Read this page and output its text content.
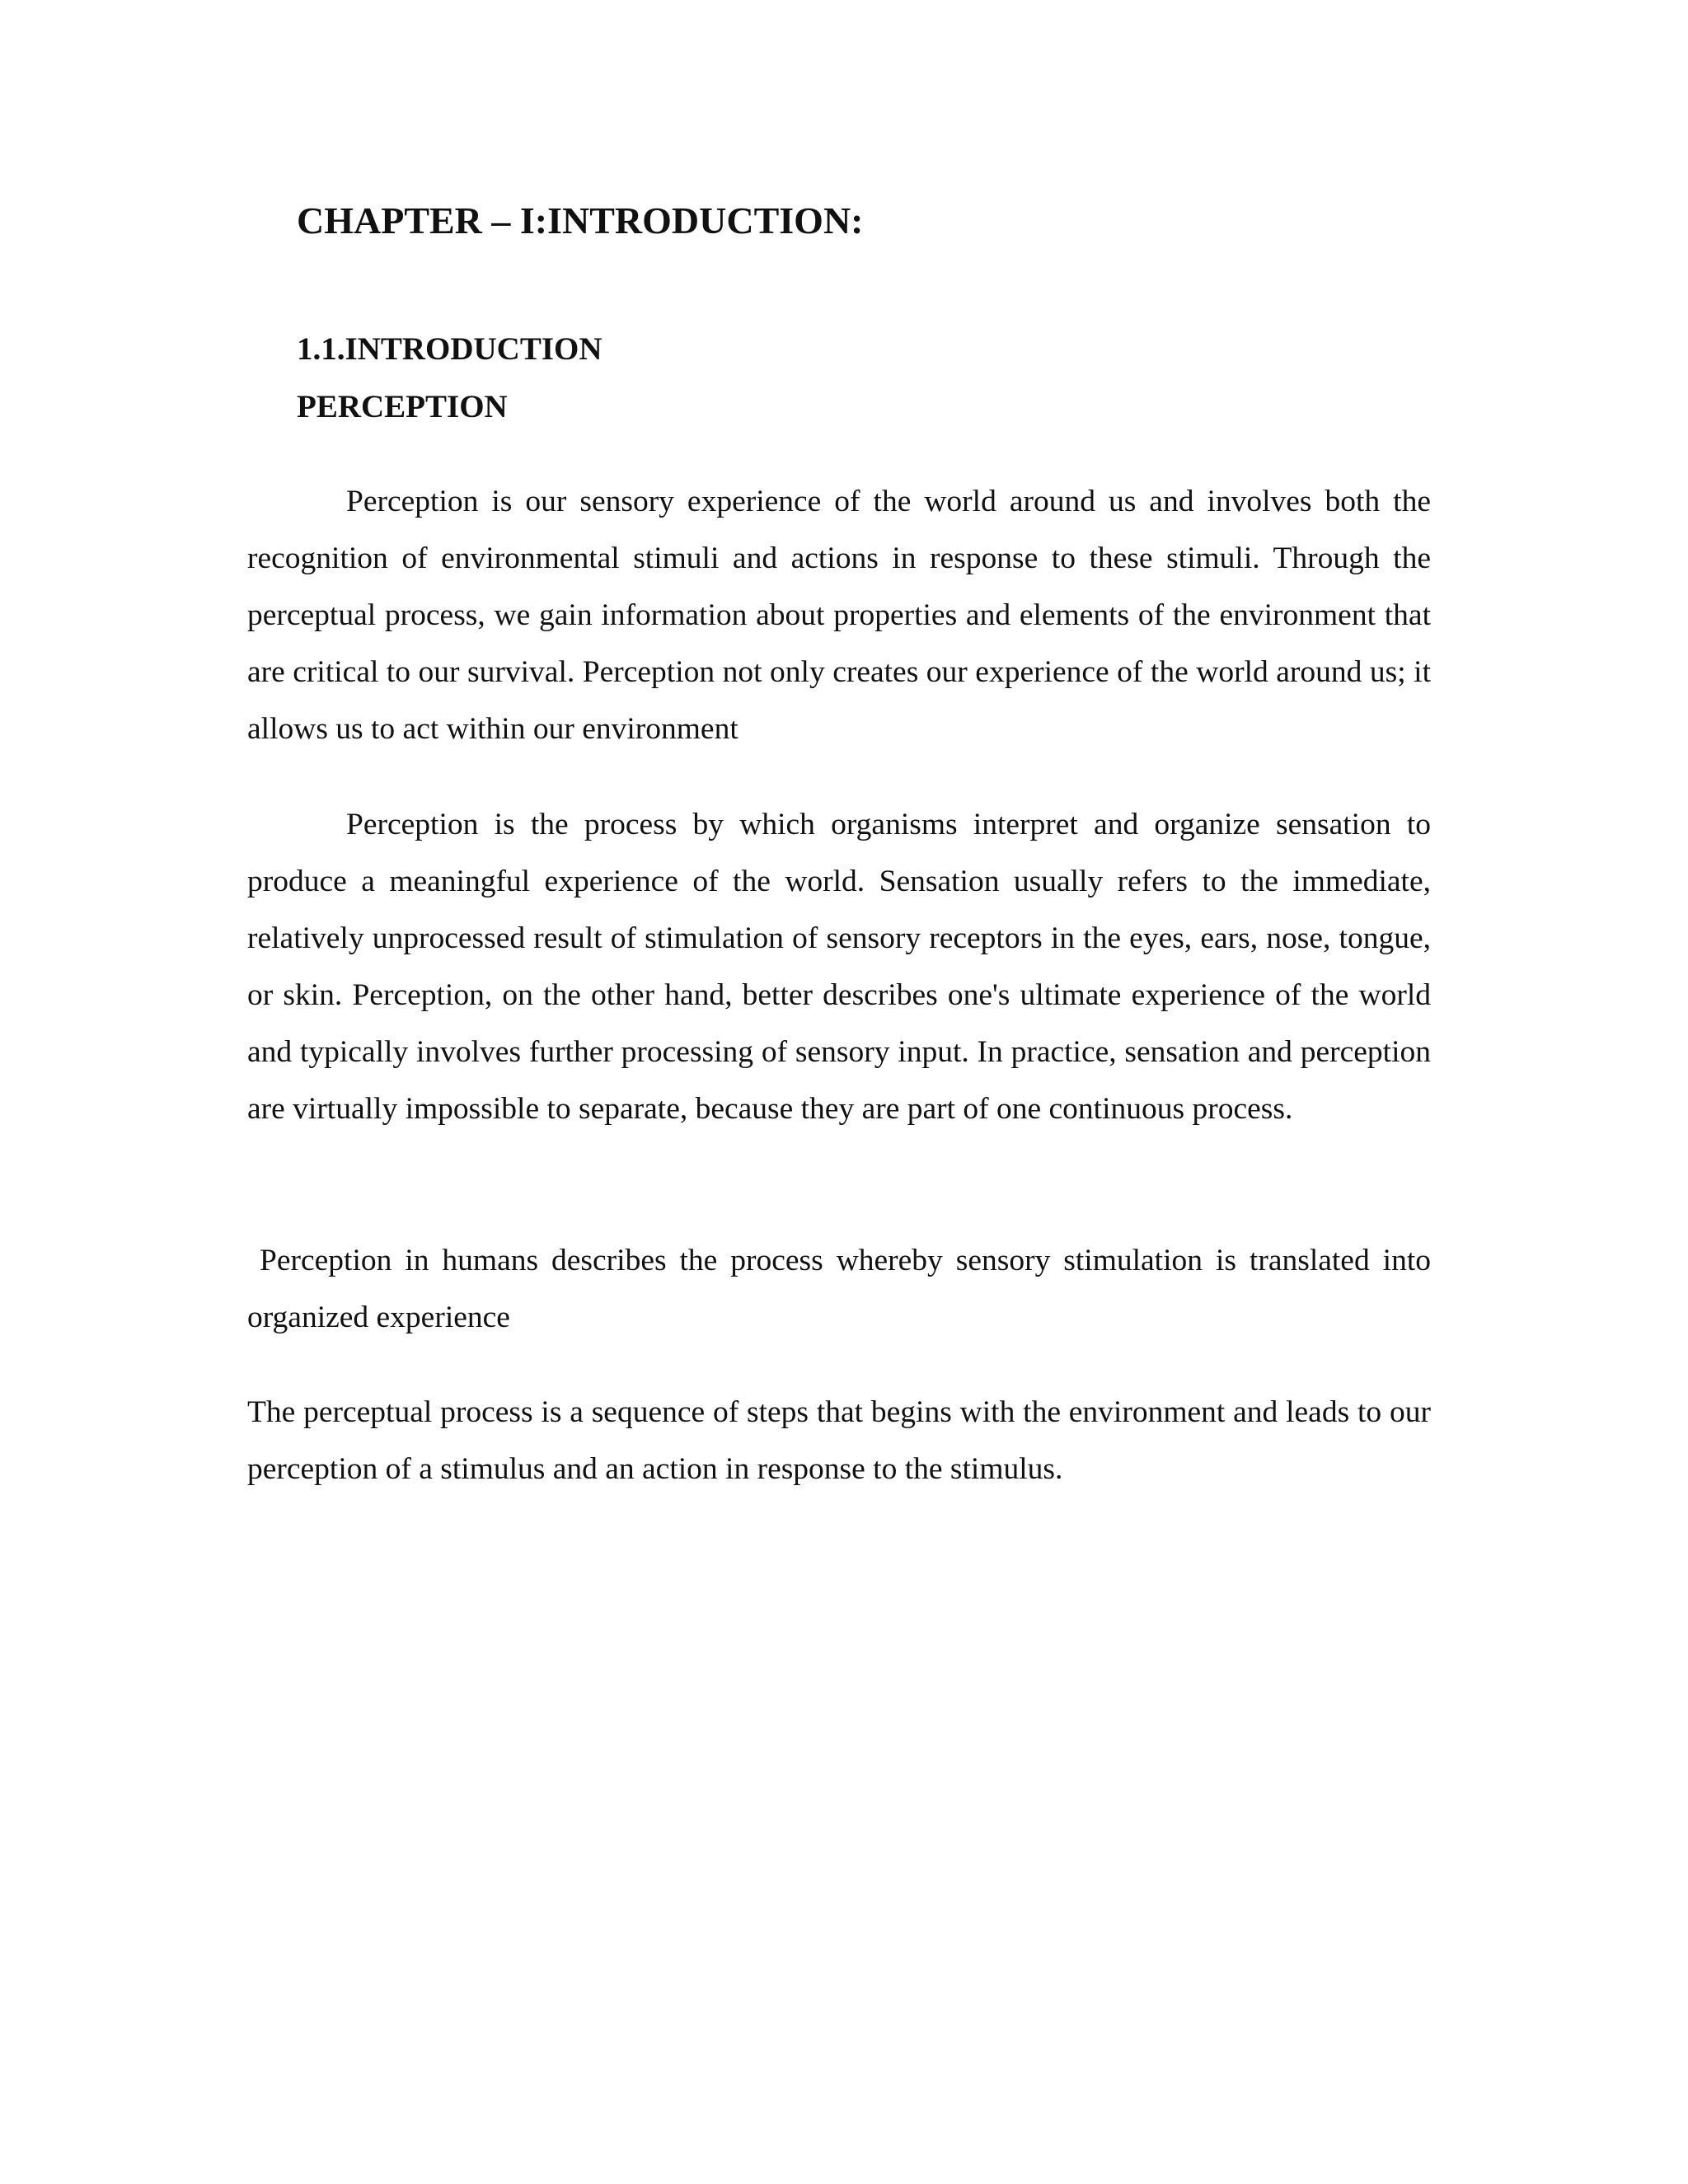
CHAPTER – I:INTRODUCTION:
1.1.INTRODUCTION
PERCEPTION

Perception is our sensory experience of the world around us and involves both the recognition of environmental stimuli and actions in response to these stimuli. Through the perceptual process, we gain information about properties and elements of the environment that are critical to our survival. Perception not only creates our experience of the world around us; it allows us to act within our environment

Perception is the process by which organisms interpret and organize sensation to produce a meaningful experience of the world. Sensation usually refers to the immediate, relatively unprocessed result of stimulation of sensory receptors in the eyes, ears, nose, tongue, or skin. Perception, on the other hand, better describes one's ultimate experience of the world and typically involves further processing of sensory input. In practice, sensation and perception are virtually impossible to separate, because they are part of one continuous process.

Perception in humans describes the process whereby sensory stimulation is translated into organized experience

The perceptual process is a sequence of steps that begins with the environment and leads to our perception of a stimulus and an action in response to the stimulus.
